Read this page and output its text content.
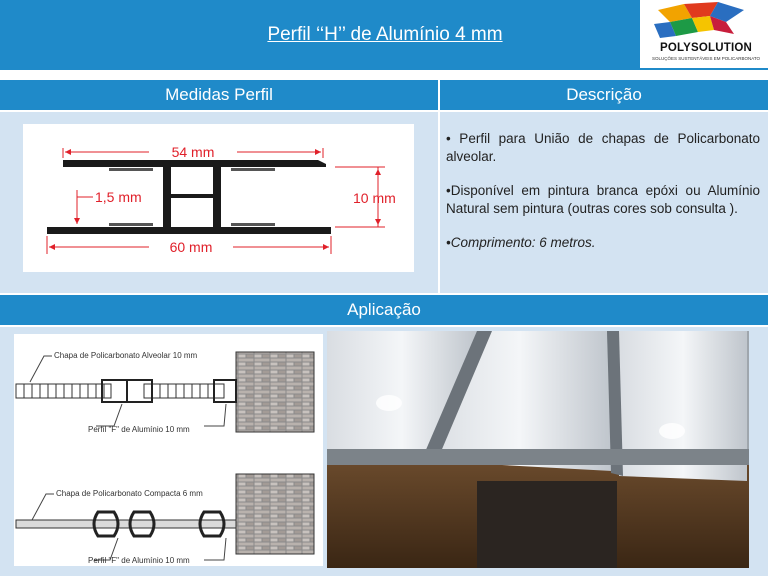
Perfil ‘‘H’’ de Alumínio 4 mm
POLYSOLUTION
SOLUÇÕES SUSTENTÁVEIS EM POLICARBONATO
Medidas Perfil	Descrição
54 mm
1,5 mm	10 mm
60 mm

• Perfil para União de chapas de Policarbonato alveolar.

•Disponível em pintura branca epóxi ou Alumínio Natural sem pintura (outras cores sob consulta ).

•Comprimento: 6 metros.

Aplicação
Chapa de Policarbonato Alveolar 10 mm
Perfil "F" de Alumínio 10 mm
Chapa de Policarbonato Compacta 6 mm
Perfil "F" de Alumínio 10 mm
